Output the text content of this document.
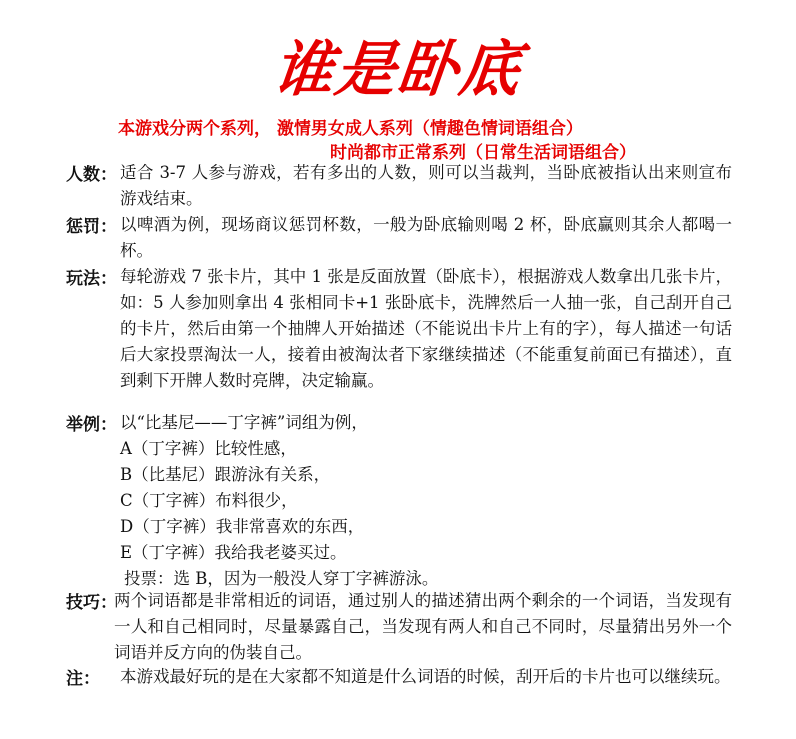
谁是卧底
本游戏分两个系列， 激情男女成人系列（情趣色情词语组合）
时尚都市正常系列（日常生活词语组合）
人数： 适合 3-7 人参与游戏，若有多出的人数，则可以当裁判，当卧底被指认出来则宣布游戏结束。
惩罚： 以啤酒为例，现场商议惩罚杯数，一般为卧底输则喝 2 杯，卧底赢则其余人都喝一杯。
玩法： 每轮游戏 7 张卡片，其中 1 张是反面放置（卧底卡），根据游戏人数拿出几张卡片，如：5 人参加则拿出 4 张相同卡+1 张卧底卡，洗牌然后一人抽一张，自己刮开自己的卡片，然后由第一个抽牌人开始描述（不能说出卡片上有的字），每人描述一句话后大家投票淘汰一人，接着由被淘汰者下家继续描述（不能重复前面已有描述），直到剩下开牌人数时亮牌，决定输赢。
举例： 以“比基尼——丁字裤”词组为例，
A（丁字裤）比较性感，
B（比基尼）跟游泳有关系，
C（丁字裤）布料很少，
D（丁字裤）我非常喜欢的东西，
E（丁字裤）我给我老婆买过。
投票：选 B，因为一般没人穿丁字裤游泳。
技巧：
两个词语都是非常相近的词语，通过别人的描述猜出两个剩余的一个词语，当发现有一人和自己相同时，尽量暴露自己，当发现有两人和自己不同时，尽量猜出另外一个词语并反方向的伪装自己。
注： 本游戏最好玩的是在大家都不知道是什么词语的时候，刮开后的卡片也可以继续玩。
